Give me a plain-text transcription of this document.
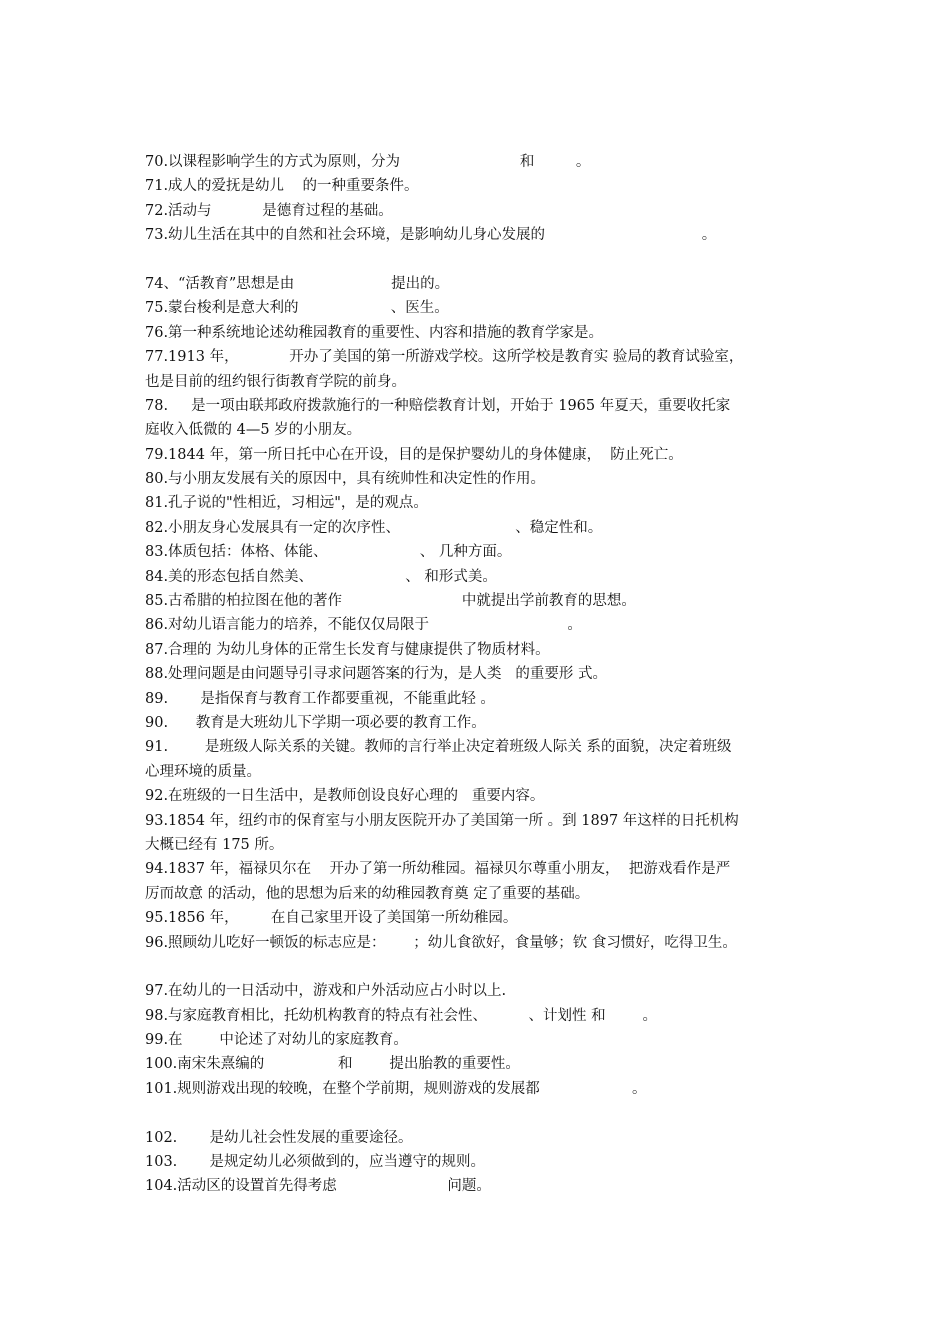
70.以课程影响学生的方式为原则，分为                          和         。
71.成人的爱抚是幼儿    的一种重要条件。
72.活动与           是德育过程的基础。
73.幼儿生活在其中的自然和社会环境，是影响幼儿身心发展的                                  。
74、“活教育”思想是由                     提出的。
75.蒙台梭利是意大利的                    、医生。
76.第一种系统地论述幼稚园教育的重要性、内容和措施的教育学家是。
77.1913 年，           开办了美国的第一所游戏学校。这所学校是教育实 验局的教育试验室，
也是目前的纽约银行街教育学院的前身。
78.     是一项由联邦政府拨款施行的一种赔偿教育计划，开始于 1965 年夏天，重要收托家
庭收入低微的 4—5 岁的小朋友。
79.1844 年，第一所日托中心在开设，目的是保护婴幼儿的身体健康，  防止死亡。
80.与小朋友发展有关的原因中，具有统帅性和决定性的作用。
81.孔子说的"性相近，习相远"，是的观点。
82.小朋友身心发展具有一定的次序性、                         、稳定性和。
83.体质包括：体格、体能、                    、 几种方面。
84.美的形态包括自然美、                    、 和形式美。
85.古希腊的柏拉图在他的著作                          中就提出学前教育的思想。
86.对幼儿语言能力的培养，不能仅仅局限于                              。
87.合理的 为幼儿身体的正常生长发育与健康提供了物质材料。
88.处理问题是由问题导引寻求问题答案的行为，是人类   的重要形 式。
89.       是指保育与教育工作都要重视，不能重此轻 。
90.      教育是大班幼儿下学期一项必要的教育工作。
91.        是班级人际关系的关键。教师的言行举止决定着班级人际关 系的面貌，决定着班级
心理环境的质量。
92.在班级的一日生活中，是教师创设良好心理的   重要内容。
93.1854 年，纽约市的保育室与小朋友医院开办了美国第一所 。到 1897 年这样的日托机构
大概已经有 175 所。
94.1837 年，福禄贝尔在    开办了第一所幼稚园。福禄贝尔尊重小朋友，  把游戏看作是严
厉而故意 的活动，他的思想为后来的幼稚园教育奠 定了重要的基础。
95.1856 年，       在自己家里开设了美国第一所幼稚园。
96.照顾幼儿吃好一顿饭的标志应是：      ；幼儿食欲好，食量够；钦 食习惯好，吃得卫生。
97.在幼儿的一日活动中，游戏和户外活动应占小时以上.
98.与家庭教育相比，托幼机构教育的特点有社会性、         、计划性 和        。
99.在        中论述了对幼儿的家庭教育。
100.南宋朱熹编的                和        提出胎教的重要性。
101.规则游戏出现的较晚，在整个学前期，规则游戏的发展都                    。
102.       是幼儿社会性发展的重要途径。
103.       是规定幼儿必须做到的，应当遵守的规则。
104.活动区的设置首先得考虑                        问题。
